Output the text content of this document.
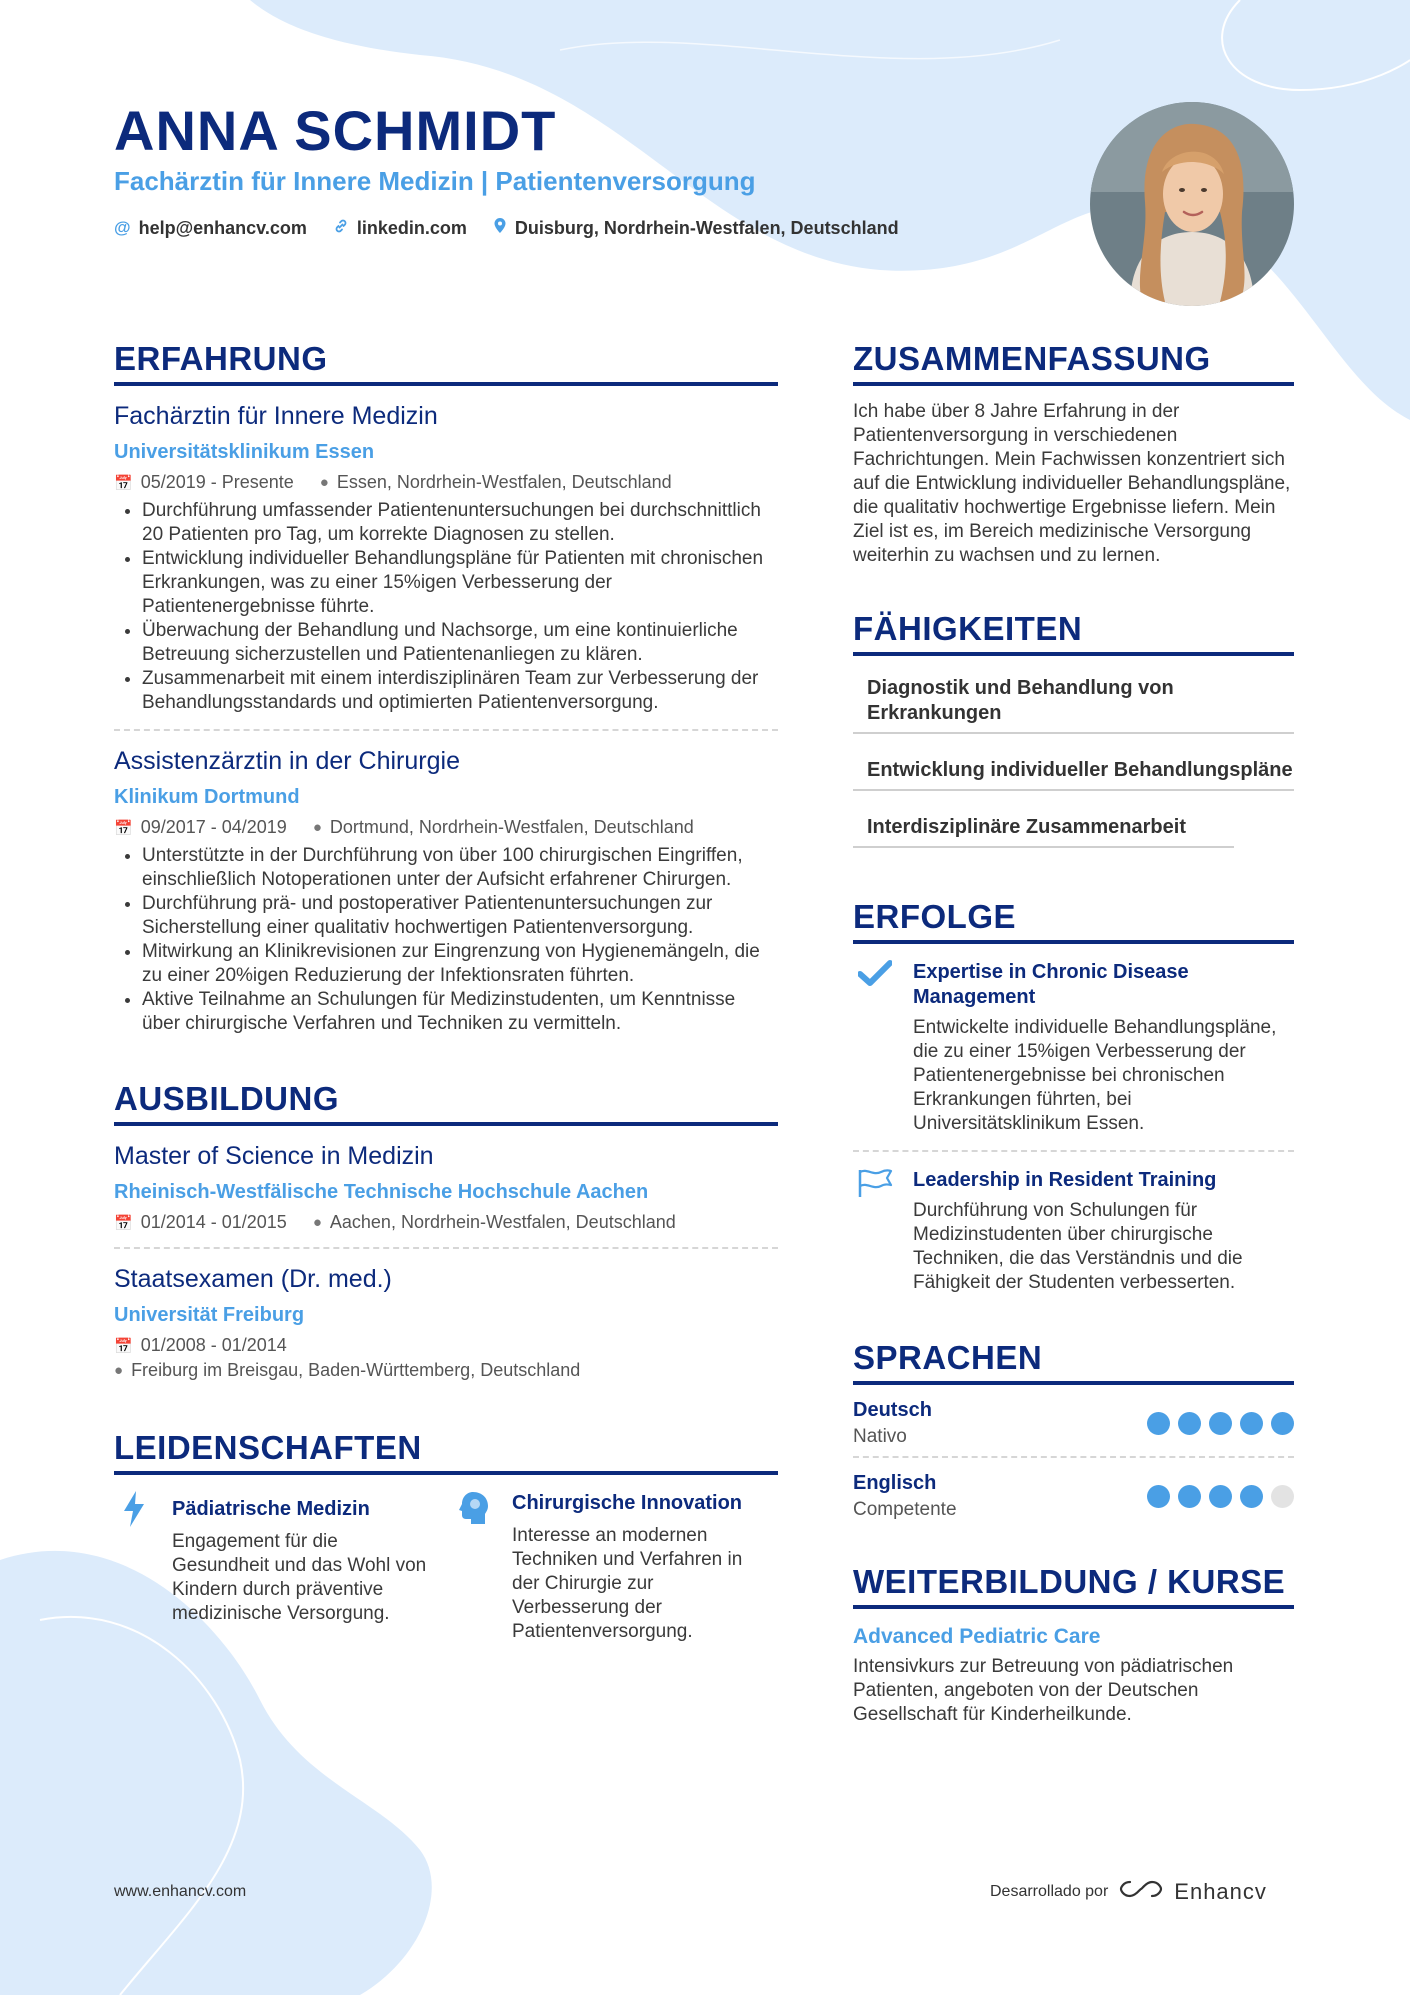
ANNA SCHMIDT
Fachärztin für Innere Medizin | Patientenversorgung
@ help@enhancv.com	linkedin.com	Duisburg, Nordrhein-Westfalen, Deutschland
ERFAHRUNG
Fachärztin für Innere Medizin
Universitätsklinikum Essen
📅 05/2019 - Presente ● Essen, Nordrhein-Westfalen, Deutschland
• Durchführung umfassender Patientenuntersuchungen bei durchschnittlich 20 Patienten pro Tag, um korrekte Diagnosen zu stellen.
• Entwicklung individueller Behandlungspläne für Patienten mit chronischen Erkrankungen, was zu einer 15%igen Verbesserung der Patientenergebnisse führte.
• Überwachung der Behandlung und Nachsorge, um eine kontinuierliche Betreuung sicherzustellen und Patientenanliegen zu klären.
• Zusammenarbeit mit einem interdisziplinären Team zur Verbesserung der Behandlungsstandards und optimierten Patientenversorgung.
Assistenzärztin in der Chirurgie
Klinikum Dortmund
📅 09/2017 - 04/2019 ● Dortmund, Nordrhein-Westfalen, Deutschland
• Unterstützte in der Durchführung von über 100 chirurgischen Eingriffen, einschließlich Notoperationen unter der Aufsicht erfahrener Chirurgen.
• Durchführung prä- und postoperativer Patientenuntersuchungen zur Sicherstellung einer qualitativ hochwertigen Patientenversorgung.
• Mitwirkung an Klinikrevisionen zur Eingrenzung von Hygienemängeln, die zu einer 20%igen Reduzierung der Infektionsraten führten.
• Aktive Teilnahme an Schulungen für Medizinstudenten, um Kenntnisse über chirurgische Verfahren und Techniken zu vermitteln.
AUSBILDUNG
Master of Science in Medizin
Rheinisch-Westfälische Technische Hochschule Aachen
📅 01/2014 - 01/2015 ● Aachen, Nordrhein-Westfalen, Deutschland
Staatsexamen (Dr. med.)
Universität Freiburg
📅 01/2008 - 01/2014
● Freiburg im Breisgau, Baden-Württemberg, Deutschland
LEIDENSCHAFTEN
Pädiatrische Medizin
Engagement für die Gesundheit und das Wohl von Kindern durch präventive medizinische Versorgung.
Chirurgische Innovation
Interesse an modernen Techniken und Verfahren in der Chirurgie zur Verbesserung der Patientenversorgung.
ZUSAMMENFASSUNG
Ich habe über 8 Jahre Erfahrung in der Patientenversorgung in verschiedenen Fachrichtungen. Mein Fachwissen konzentriert sich auf die Entwicklung individueller Behandlungspläne, die qualitativ hochwertige Ergebnisse liefern. Mein Ziel ist es, im Bereich medizinische Versorgung weiterhin zu wachsen und zu lernen.
FÄHIGKEITEN
Diagnostik und Behandlung von Erkrankungen
Entwicklung individueller Behandlungspläne
Interdisziplinäre Zusammenarbeit
ERFOLGE
Expertise in Chronic Disease Management
Entwickelte individuelle Behandlungspläne, die zu einer 15%igen Verbesserung der Patientenergebnisse bei chronischen Erkrankungen führten, bei Universitätsklinikum Essen.
Leadership in Resident Training
Durchführung von Schulungen für Medizinstudenten über chirurgische Techniken, die das Verständnis und die Fähigkeit der Studenten verbesserten.
SPRACHEN
Deutsch
Nativo
Englisch
Competente
WEITERBILDUNG / KURSE
Advanced Pediatric Care
Intensivkurs zur Betreuung von pädiatrischen Patienten, angeboten von der Deutschen Gesellschaft für Kinderheilkunde.
www.enhancv.com	Desarrollado por	Enhancv
